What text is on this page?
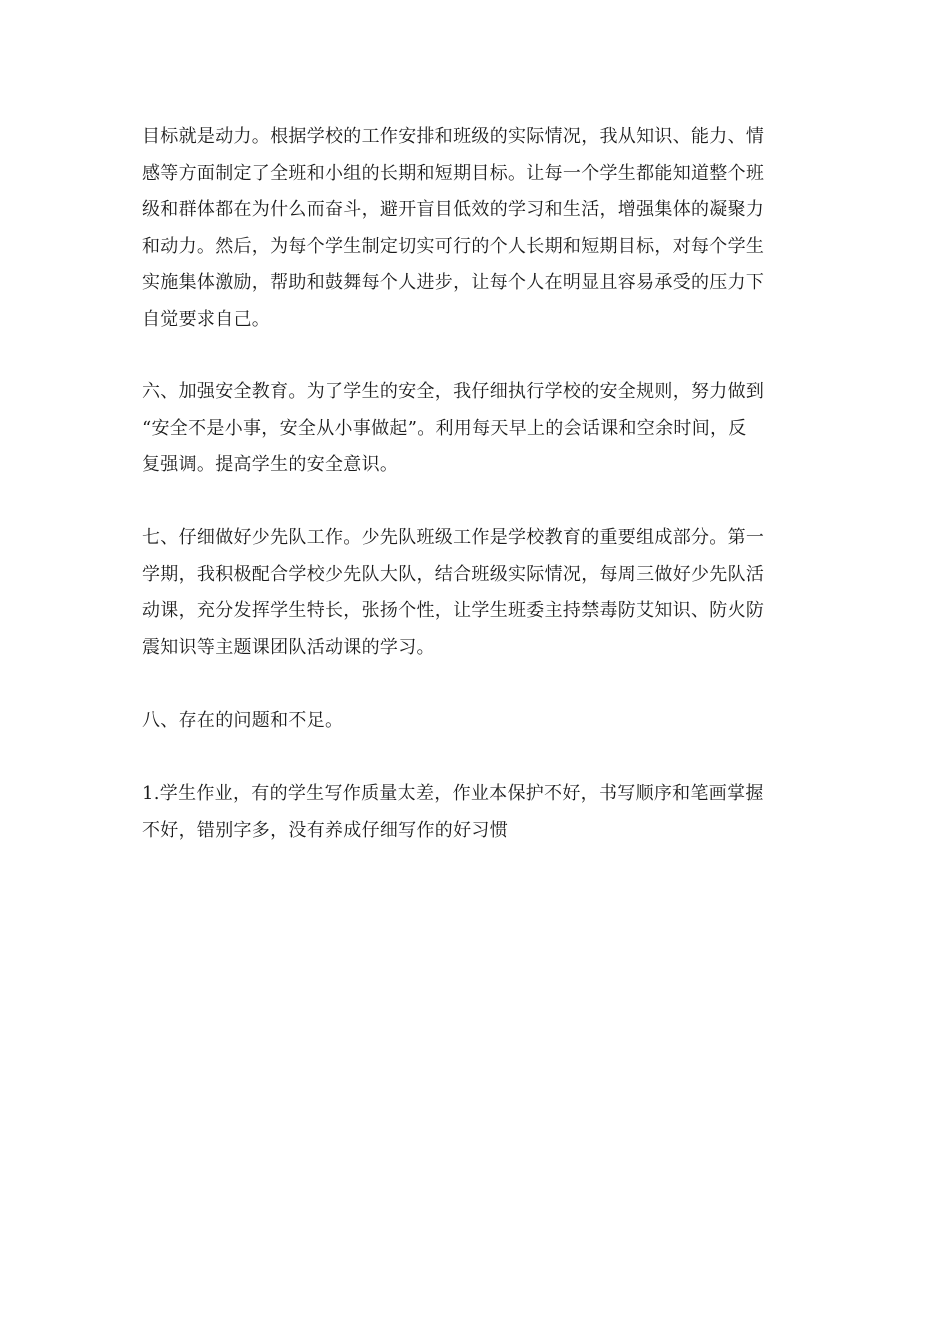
目标就是动力。根据学校的工作安排和班级的实际情况，我从知识、能力、情
感等方面制定了全班和小组的长期和短期目标。让每一个学生都能知道整个班
级和群体都在为什么而奋斗，避开盲目低效的学习和生活，增强集体的凝聚力
和动力。然后，为每个学生制定切实可行的个人长期和短期目标，对每个学生
实施集体激励，帮助和鼓舞每个人进步，让每个人在明显且容易承受的压力下
自觉要求自己。

六、加强安全教育。为了学生的安全，我仔细执行学校的安全规则，努力做到
“安全不是小事，安全从小事做起”。利用每天早上的会话课和空余时间，反
复强调。提高学生的安全意识。

七、仔细做好少先队工作。少先队班级工作是学校教育的重要组成部分。第一
学期，我积极配合学校少先队大队，结合班级实际情况，每周三做好少先队活
动课，充分发挥学生特长，张扬个性，让学生班委主持禁毒防艾知识、防火防
震知识等主题课团队活动课的学习。

八、存在的问题和不足。

1.学生作业，有的学生写作质量太差，作业本保护不好，书写顺序和笔画掌握
不好，错别字多，没有养成仔细写作的好习惯
